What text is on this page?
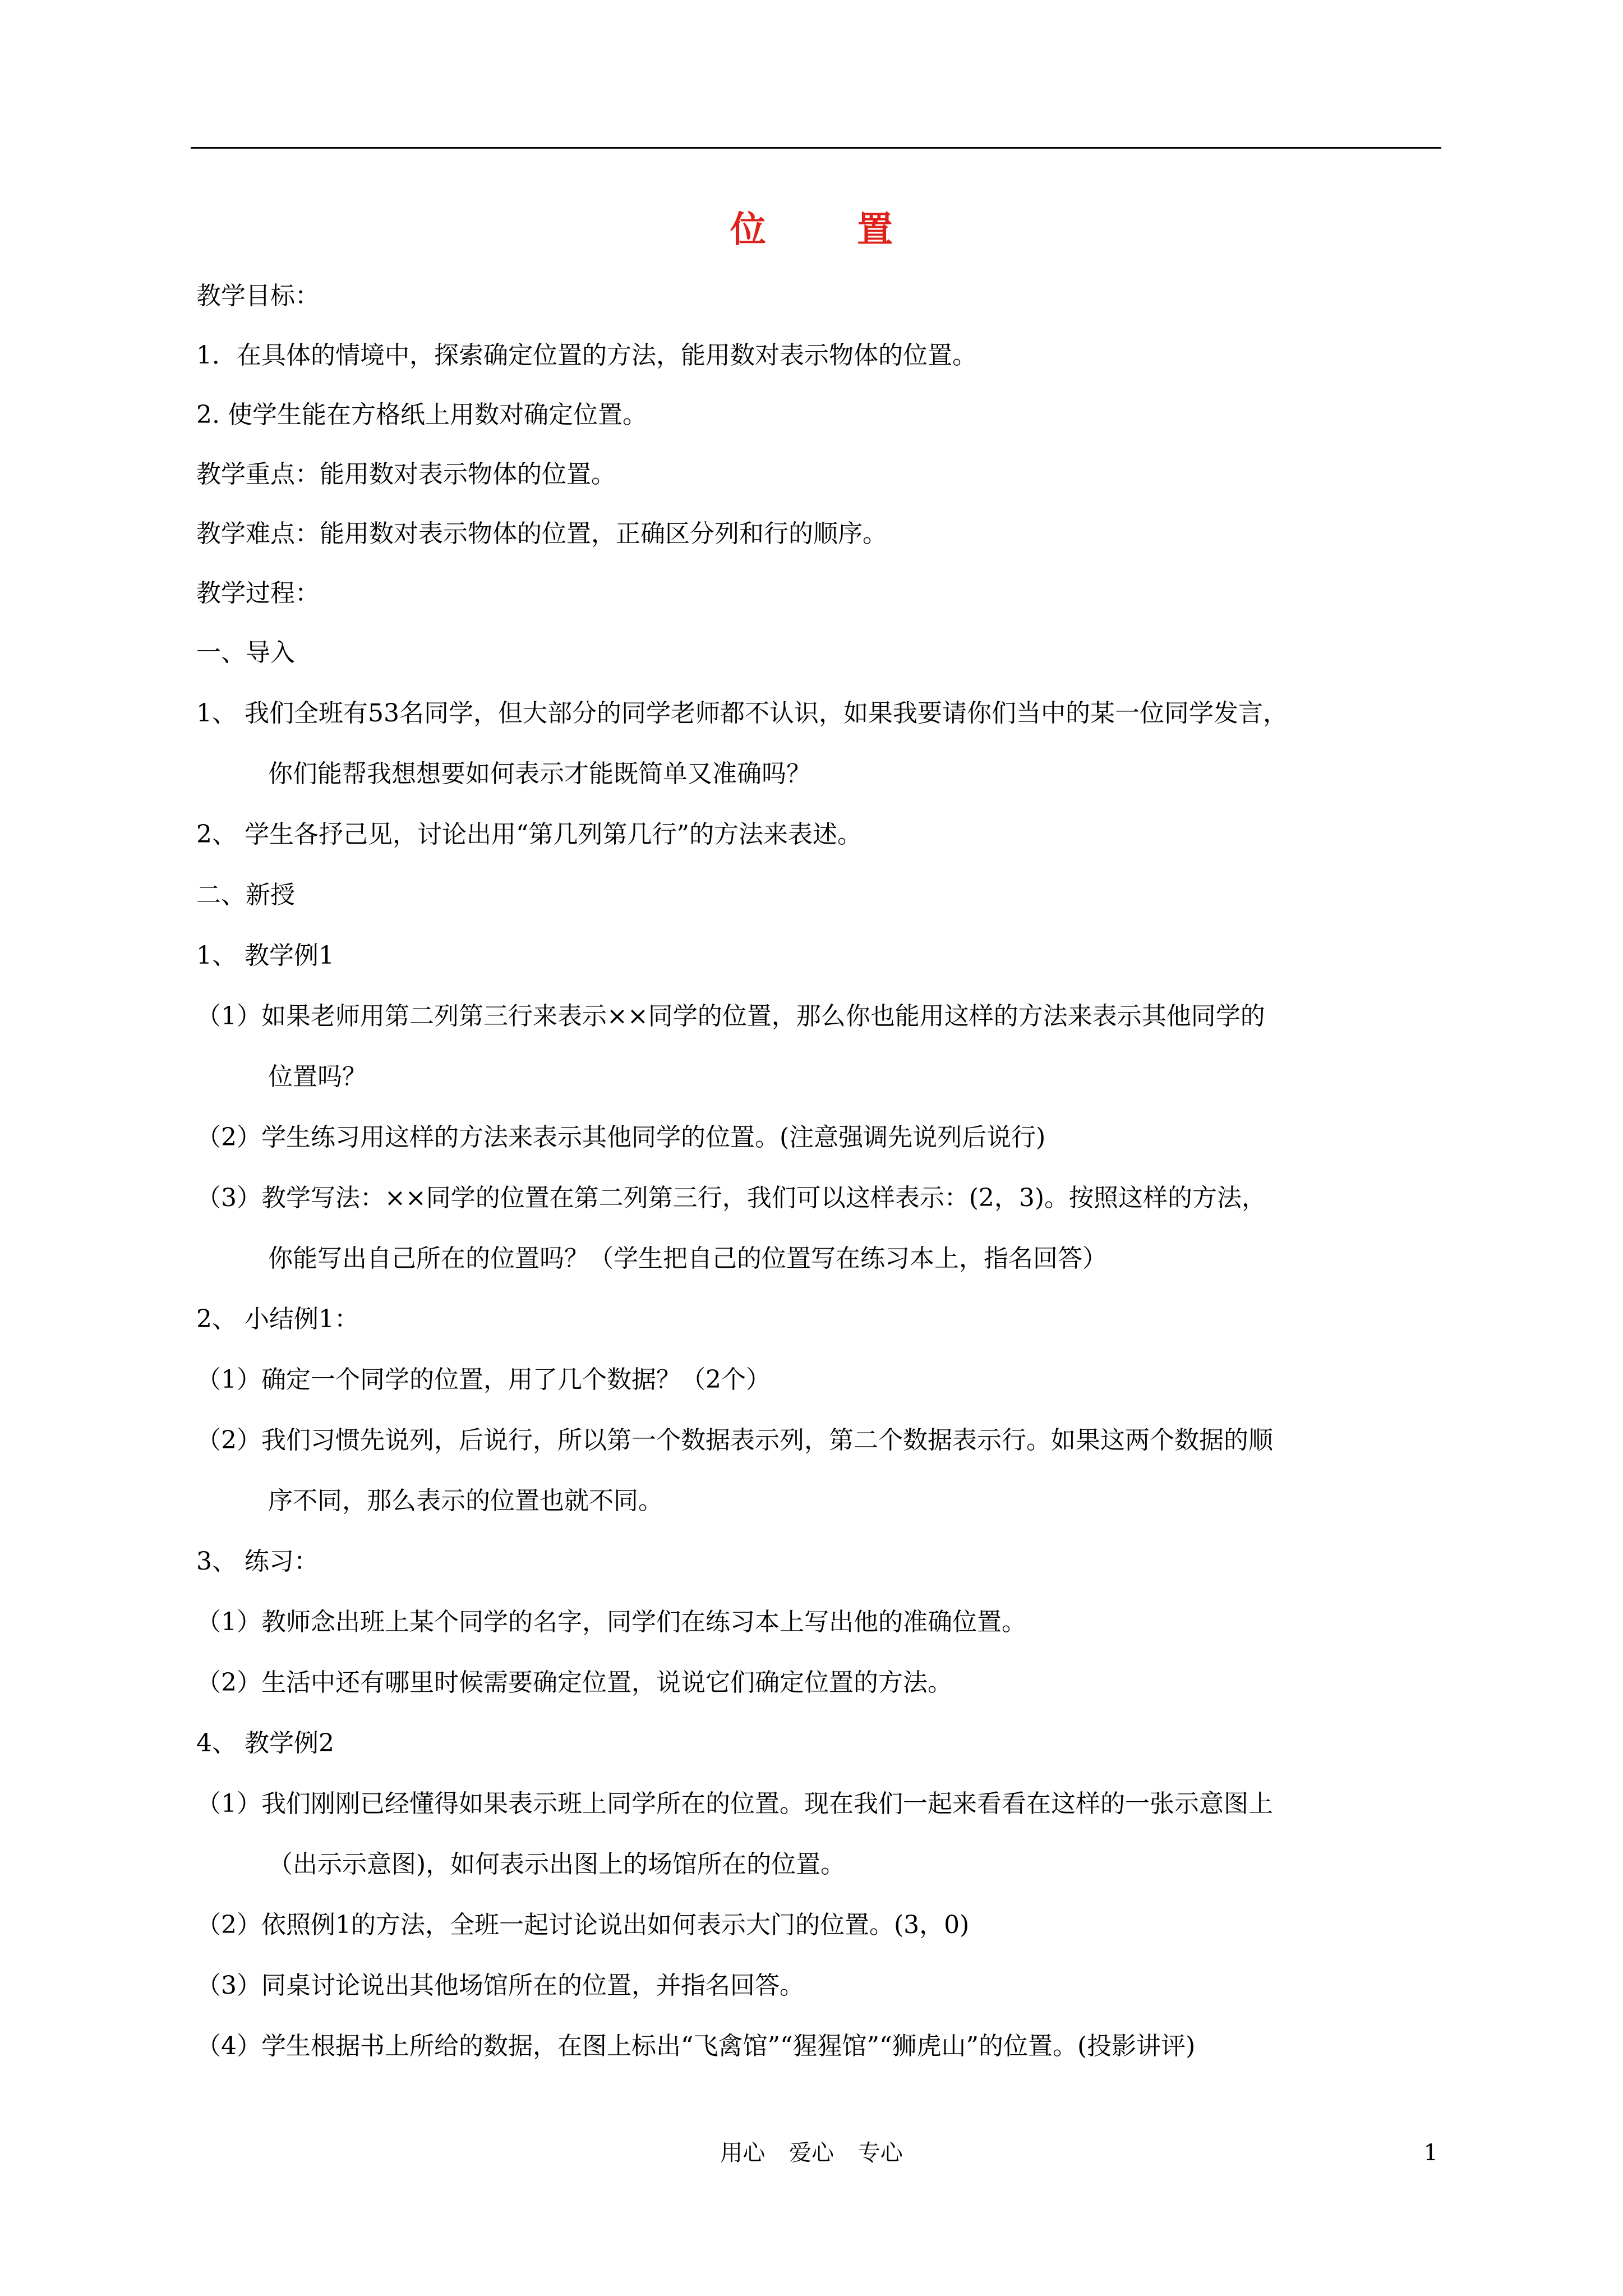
位 置
教学目标：
1．在具体的情境中，探索确定位置的方法，能用数对表示物体的位置。
2. 使学生能在方格纸上用数对确定位置。
教学重点：能用数对表示物体的位置。
教学难点：能用数对表示物体的位置，正确区分列和行的顺序。
教学过程：
一、导入
1、 我们全班有53名同学，但大部分的同学老师都不认识，如果我要请你们当中的某一位同学发言，
你们能帮我想想要如何表示才能既简单又准确吗？
2、 学生各抒己见，讨论出用“第几列第几行”的方法来表述。
二、新授
1、 教学例1
（1）如果老师用第二列第三行来表示××同学的位置，那么你也能用这样的方法来表示其他同学的
位置吗？
（2）学生练习用这样的方法来表示其他同学的位置。(注意强调先说列后说行)
（3）教学写法：××同学的位置在第二列第三行，我们可以这样表示：(2，3)。按照这样的方法，
你能写出自己所在的位置吗？（学生把自己的位置写在练习本上，指名回答）
2、 小结例1：
（1）确定一个同学的位置，用了几个数据？（2个）
（2）我们习惯先说列，后说行，所以第一个数据表示列，第二个数据表示行。如果这两个数据的顺
序不同，那么表示的位置也就不同。
3、 练习：
（1）教师念出班上某个同学的名字，同学们在练习本上写出他的准确位置。
（2）生活中还有哪里时候需要确定位置，说说它们确定位置的方法。
4、 教学例2
（1）我们刚刚已经懂得如果表示班上同学所在的位置。现在我们一起来看看在这样的一张示意图上
（出示示意图)，如何表示出图上的场馆所在的位置。
（2）依照例1的方法，全班一起讨论说出如何表示大门的位置。(3，0)
（3）同桌讨论说出其他场馆所在的位置，并指名回答。
（4）学生根据书上所给的数据，在图上标出“飞禽馆”“猩猩馆”“狮虎山”的位置。(投影讲评)
用心 爱心 专心	1
